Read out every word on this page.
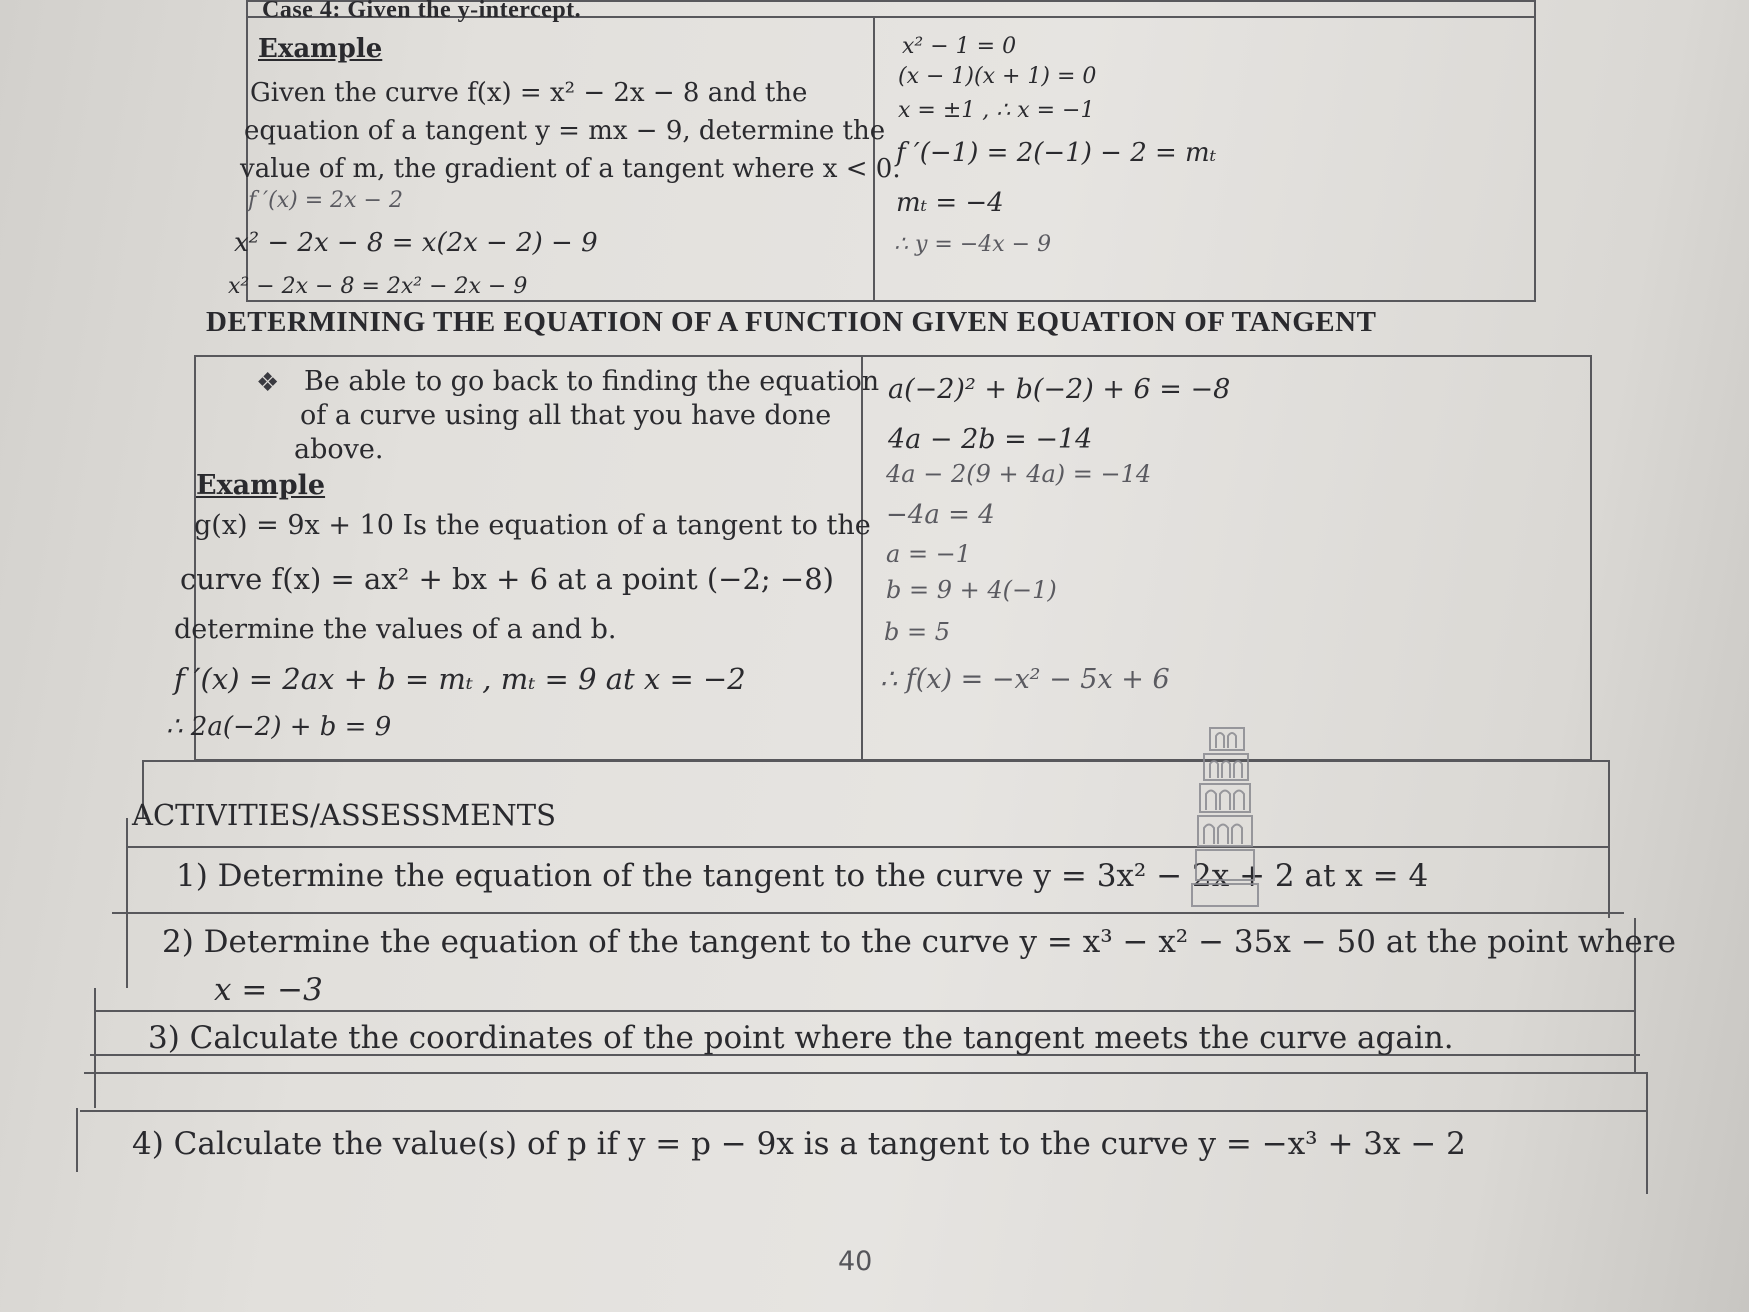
Case 4: Given the y-intercept.
Example
Given the curve f(x) = x² − 2x − 8 and the
equation of a tangent y = mx − 9, determine the
value of m, the gradient of a tangent where x < 0.
f ′(x) = 2x − 2
x² − 2x − 8 = x(2x − 2) − 9
x² − 2x − 8 = 2x² − 2x − 9
x² − 1 = 0
(x − 1)(x + 1) = 0
x = ±1 , ∴ x = −1
f ′(−1) = 2(−1) − 2 = mₜ
mₜ = −4
∴ y = −4x − 9
DETERMINING THE EQUATION OF A FUNCTION GIVEN EQUATION OF TANGENT
❖ Be able to go back to finding the equation
of a curve using all that you have done
above.
Example
g(x) = 9x + 10 Is the equation of a tangent to the
curve f(x) = ax² + bx + 6 at a point (−2; −8)
determine the values of a and b.
f ′(x) = 2ax + b = mₜ , mₜ = 9 at x = −2
∴ 2a(−2) + b = 9
a(−2)² + b(−2) + 6 = −8
4a − 2b = −14
4a − 2(9 + 4a) = −14
−4a = 4
a = −1
b = 9 + 4(−1)
b = 5
∴ f(x) = −x² − 5x + 6
ACTIVITIES/ASSESSMENTS
1) Determine the equation of the tangent to the curve y = 3x² − 2x + 2 at x = 4
2) Determine the equation of the tangent to the curve y = x³ − x² − 35x − 50 at the point where
x = −3
3) Calculate the coordinates of the point where the tangent meets the curve again.
4) Calculate the value(s) of p if y = p − 9x is a tangent to the curve y = −x³ + 3x − 2
40
